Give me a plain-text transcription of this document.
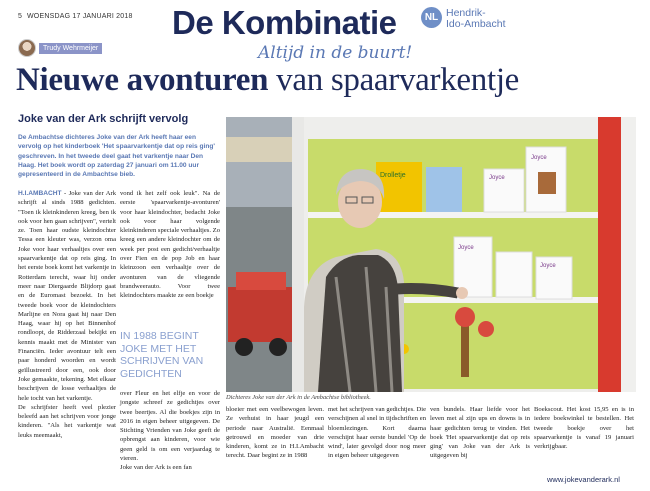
5 WOENSDAG 17 JANUARI 2018 De Kombinatie	NL Hendrik-
Ido-Ambacht
Altijd in de buurt!
Trudy Wehrmeijer
Nieuwe avonturen van spaarvarkentje
Joke van der Ark schrijft vervolg
De Ambachtse dichteres Joke van der Ark heeft haar een vervolg op het kinderboek 'Het spaarvarkentje dat op reis ging' geschreven. In het tweede deel gaat het varkentje naar Den Haag. Het boek wordt op zaterdag 27 januari om 11.00 uur gepresenteerd in de Ambachtse bieb.

H.I.AMBACHT - Joke van der Ark schrijft al sinds 1988 gedichten. "Toen ik kleinkinderen kreeg, ben ik ook voor hen gaan schrijven", vertelt ze. Toen haar oudste kleindochter Tessa een kleuter was, verzon oma Joke voor haar verhaaltjes over een spaarvarkentje dat op reis ging. In het eerste boek komt het varkentje in Rotterdam terecht, waar hij onder meer naar Diergaarde Blijdorp gaat en de Euromast bezoekt. In het tweede boek voor de kleindochters Marlijne en Nora gaat hij naar Den Haag, waar hij op het Binnenhof rondloopt, de Ridderzaal bekijkt en kennis maakt met de Minister van Financiën. Ieder avontuur telt een paar honderd woorden en wordt geïllustreerd door een, ook door Joke gemaakte, tekening. Met elkaar beschrijven de losse verhaaltjes de hele tocht van het varkentje.

De schrijfster heeft veel plezier beleefd aan het schrijven voor jonge kinderen. "Als het varkentje wat leuks meemaakt,

vond ik het zelf ook leuk". Na de eerste 'spaarvarkentje-avonturen' voor haar kleindochter, bedacht Joke ook voor haar volgende kleinkinderen speciale verhaaltjes. Zo kreeg een andere kleindochter om de week per post een gedicht/verhaaltje over Fien en de pop Job en haar kleinzoon een verhaaltje over de avonturen van de vliegende brandweerauto. Voor twee kleindochters maakte ze een boekje
IN 1988 BEGINT JOKE MET HET SCHRIJVEN VAN GEDICHTEN

over Fleur en het elfje en voor de jongste schreef ze gedichtjes over twee beertjes. Al die boekjes zijn in 2016 in eigen beheer uitgegeven. De Stichting Vrienden van Joke geeft de opbrengst aan kinderen, voor wie geen geld is om een verjaardag te vieren.

Joke van der Ark is een fan

Drolletje	Joyce
Joyce
Joyce
Joyce
Dichteres Joke van der Ark in de Ambachtse bibliotheek.
bloeier met een veelbewogen leven. Ze verhuist in haar jeugd een periode naar Australië. Eenmaal getrouwd en moeder van drie kinderen, komt ze in H.I.Ambacht terecht. Daar begint ze in 1988
met het schrijven van gedichtjes. Die verschijnen al snel in tijdschriften en bloemlezingen. Kort daarna verschijnt haar eerste bundel 'Op de wind', later gevolgd door nog meer in eigen beheer uitgegeven
ven bundels. Haar liefde voor het leven met al zijn ups en downs is in haar gedichten terug te vinden. Het boek 'Het spaarvarkentje dat op reis ging' van Joke van der Ark is uitgegeven bij
Boekscout. Het kost 15,95 en is in iedere boekwinkel te bestellen. Het tweede boekje over het spaarvarkentje is vanaf 19 januari verkrijgbaar.
www.jokevanderark.nl
